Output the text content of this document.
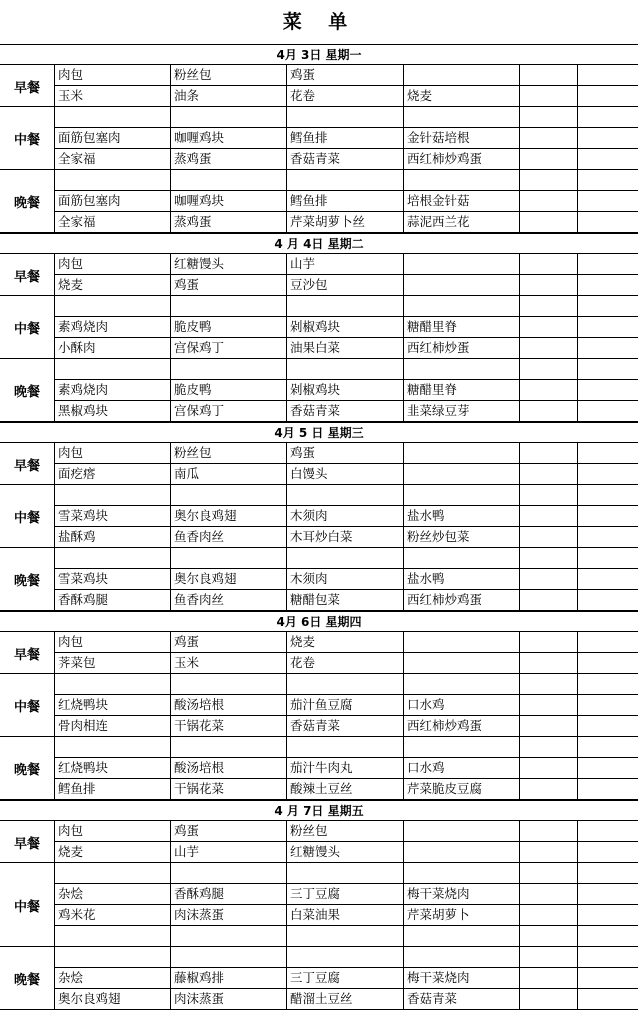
菜 单
4月 3日 星期一
早餐
肉包	粉丝包	鸡蛋
玉米	油条	花卷	烧麦
中餐	面筋包塞肉	咖喱鸡块	鳕鱼排	金针菇培根
全家福	蒸鸡蛋	香菇青菜	西红柿炒鸡蛋
晚餐	面筋包塞肉	咖喱鸡块	鳕鱼排	培根金针菇
全家福	蒸鸡蛋	芹菜胡萝卜丝	蒜泥西兰花
4 月 4日 星期二
早餐
肉包	红糖馒头	山芋
烧麦	鸡蛋	豆沙包
中餐	素鸡烧肉	脆皮鸭	剁椒鸡块	糖醋里脊
小酥肉	宫保鸡丁	油果白菜	西红柿炒蛋
晚餐	素鸡烧肉	脆皮鸭	剁椒鸡块	糖醋里脊
黑椒鸡块	宫保鸡丁	香菇青菜	韭菜绿豆芽
4月 5 日 星期三
早餐
肉包	粉丝包	鸡蛋
面疙瘩	南瓜	白馒头
中餐	雪菜鸡块	奥尔良鸡翅	木须肉	盐水鸭
盐酥鸡	鱼香肉丝	木耳炒白菜	粉丝炒包菜
晚餐	雪菜鸡块	奥尔良鸡翅	木须肉	盐水鸭
香酥鸡腿	鱼香肉丝	糖醋包菜	西红柿炒鸡蛋
4月 6日 星期四
早餐
肉包	鸡蛋	烧麦
荠菜包	玉米	花卷
中餐	红烧鸭块	酸汤培根	茄汁鱼豆腐	口水鸡
骨肉相连	干锅花菜	香菇青菜	西红柿炒鸡蛋
晚餐	红烧鸭块	酸汤培根	茄汁牛肉丸	口水鸡
鳕鱼排	干锅花菜	酸辣土豆丝	芹菜脆皮豆腐
4 月 7日 星期五
早餐
肉包	鸡蛋	粉丝包
烧麦	山芋	红糖馒头
中餐
杂烩	香酥鸡腿	三丁豆腐	梅干菜烧肉
鸡米花	肉沫蒸蛋	白菜油果	芹菜胡萝卜
晚餐	杂烩	藤椒鸡排	三丁豆腐	梅干菜烧肉
奥尔良鸡翅	肉沫蒸蛋	醋溜土豆丝	香菇青菜
